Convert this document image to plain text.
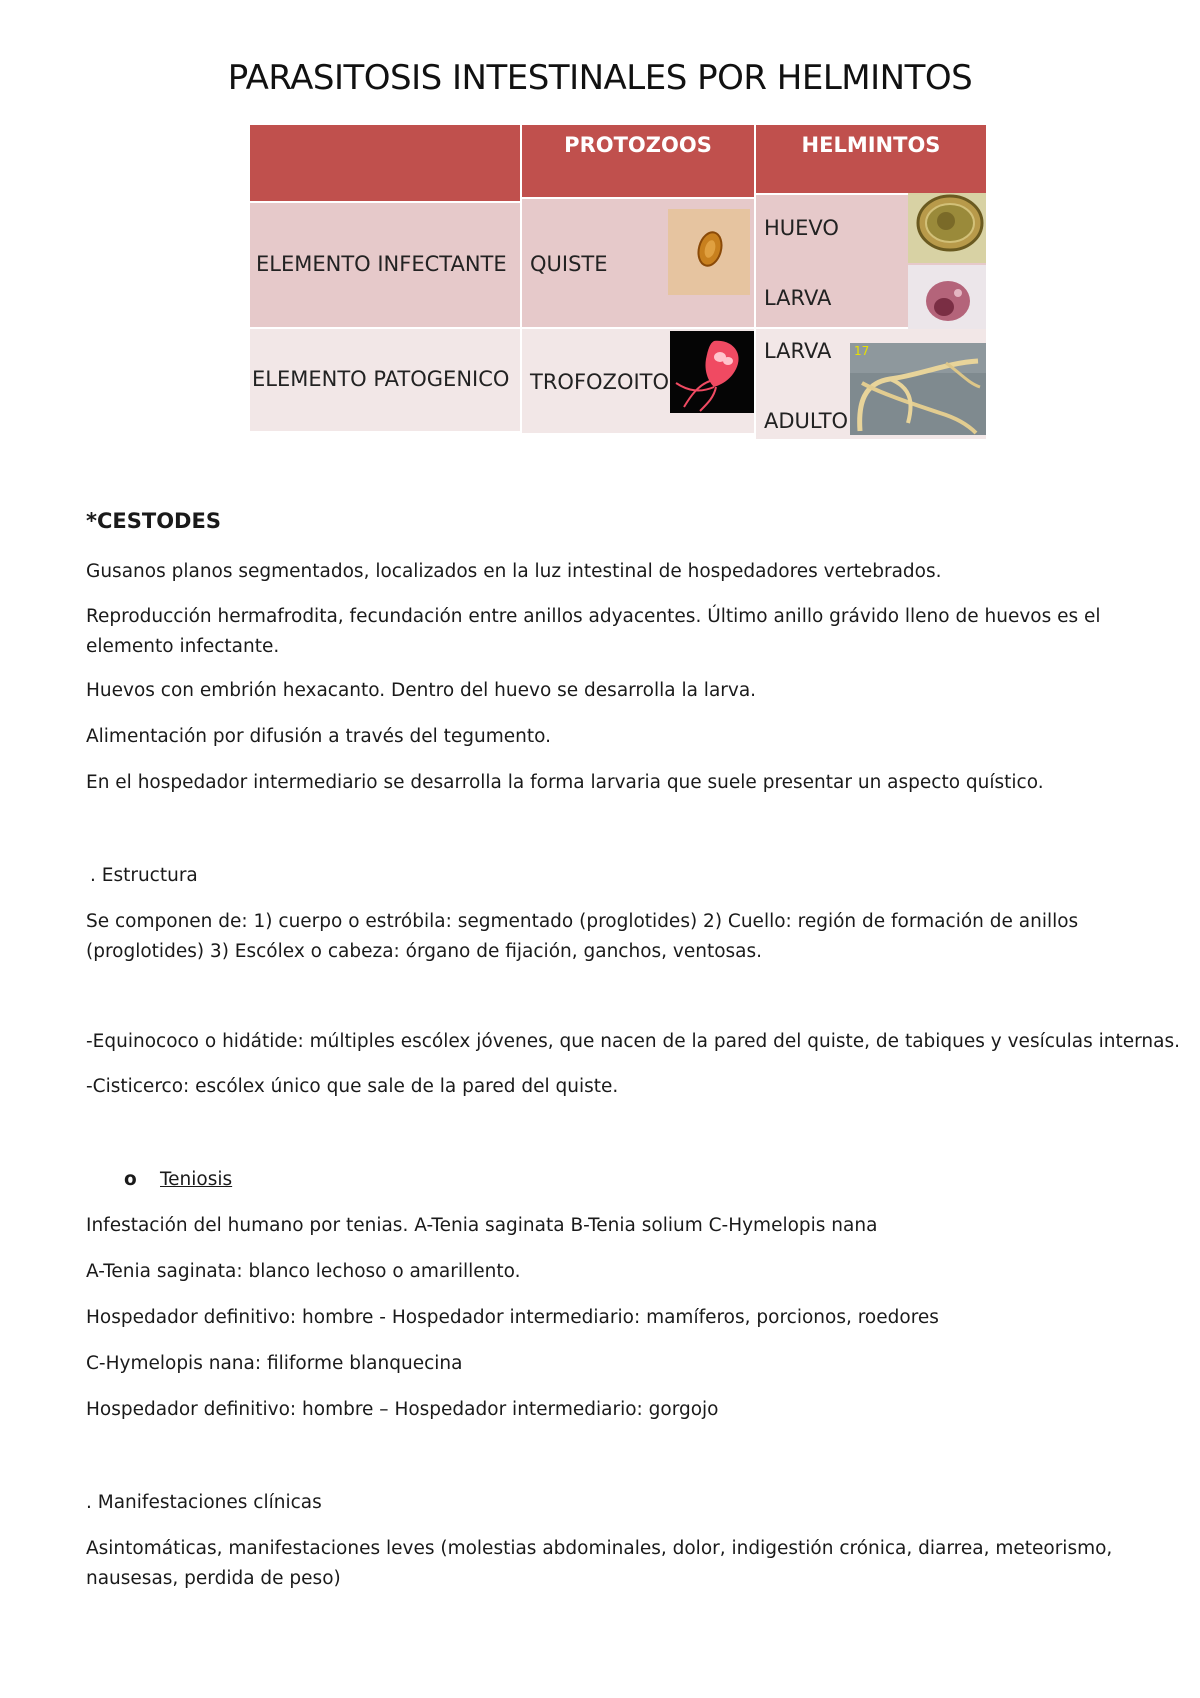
PARASITOSIS INTESTINALES POR HELMINTOS
PROTOZOOS	HELMINTOS
ELEMENTO INFECTANTE QUISTE
HUEVO
LARVA
ELEMENTO PATOGENICO TROFOZOITO
LARVA
ADULTO
17

*CESTODES

Gusanos planos segmentados, localizados en la luz intestinal de hospedadores vertebrados.

Reproducción hermafrodita, fecundación entre anillos adyacentes. Último anillo grávido lleno de huevos es el elemento infectante.

Huevos con embrión hexacanto. Dentro del huevo se desarrolla la larva.

Alimentación por difusión a través del tegumento.

En el hospedador intermediario se desarrolla la forma larvaria que suele presentar un aspecto quístico.

. Estructura

Se componen de: 1) cuerpo o estróbila: segmentado (proglotides) 2) Cuello: región de formación de anillos (proglotides) 3) Escólex o cabeza: órgano de fijación, ganchos, ventosas.

-Equinococo o hidátide: múltiples escólex jóvenes, que nacen de la pared del quiste, de tabiques y vesículas internas.

-Cisticerco: escólex único que sale de la pared del quiste.

o Teniosis

Infestación del humano por tenias. A-Tenia saginata B-Tenia solium C-Hymelopis nana

A-Tenia saginata: blanco lechoso o amarillento.

Hospedador definitivo: hombre - Hospedador intermediario: mamíferos, porcionos, roedores

C-Hymelopis nana: filiforme blanquecina

Hospedador definitivo: hombre – Hospedador intermediario: gorgojo

. Manifestaciones clínicas

Asintomáticas, manifestaciones leves (molestias abdominales, dolor, indigestión crónica, diarrea, meteorismo, nausesas, perdida de peso)
